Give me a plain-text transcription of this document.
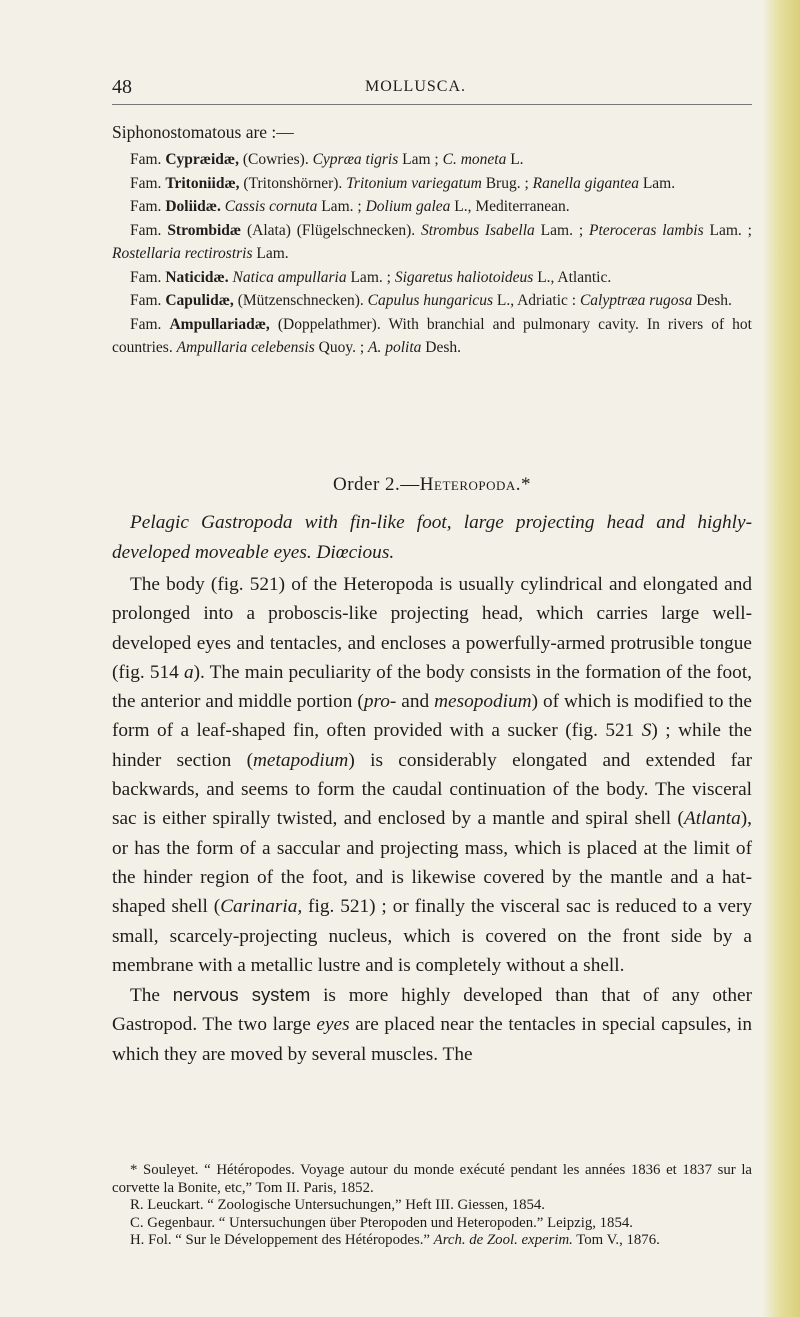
48	MOLLUSCA.
Siphonostomatous are :—

Fam. Cypræidæ, (Cowries). Cypræa tigris Lam ; C. moneta L.

Fam. Tritoniidæ, (Tritonshörner). Tritonium variegatum Brug. ; Ranella gigantea Lam.

Fam. Doliidæ. Cassis cornuta Lam. ; Dolium galea L., Mediterranean.

Fam. Strombidæ (Alata) (Flügelschnecken). Strombus Isabella Lam. ; Pteroceras lambis Lam. ; Rostellaria rectirostris Lam.

Fam. Naticidæ. Natica ampullaria Lam. ; Sigaretus haliotoideus L., Atlantic.

Fam. Capulidæ, (Mützenschnecken). Capulus hungaricus L., Adriatic : Calyptræa rugosa Desh.

Fam. Ampullariadæ, (Doppelathmer). With branchial and pulmonary cavity. In rivers of hot countries. Ampullaria celebensis Quoy. ; A. polita Desh.

Order 2.—Heteropoda.*

Pelagic Gastropoda with fin-like foot, large projecting head and highly-developed moveable eyes. Diœcious.

The body (fig. 521) of the Heteropoda is usually cylindrical and elongated and prolonged into a proboscis-like projecting head, which carries large well-developed eyes and tentacles, and encloses a powerfully-armed protrusible tongue (fig. 514 a). The main peculiarity of the body consists in the formation of the foot, the anterior and middle portion (pro- and mesopodium) of which is modified to the form of a leaf-shaped fin, often provided with a sucker (fig. 521 S) ; while the hinder section (metapodium) is considerably elongated and extended far backwards, and seems to form the caudal continuation of the body. The visceral sac is either spirally twisted, and enclosed by a mantle and spiral shell (Atlanta), or has the form of a saccular and projecting mass, which is placed at the limit of the hinder region of the foot, and is likewise covered by the mantle and a hat-shaped shell (Carinaria, fig. 521) ; or finally the visceral sac is reduced to a very small, scarcely-projecting nucleus, which is covered on the front side by a membrane with a metallic lustre and is completely without a shell.

The nervous system is more highly developed than that of any other Gastropod. The two large eyes are placed near the tentacles in special capsules, in which they are moved by several muscles. The

* Souleyet. “ Hétéropodes. Voyage autour du monde exécuté pendant les années 1836 et 1837 sur la corvette la Bonite, etc,” Tom II. Paris, 1852.

R. Leuckart. “ Zoologische Untersuchungen,” Heft III. Giessen, 1854.

C. Gegenbaur. “ Untersuchungen über Pteropoden und Heteropoden.” Leipzig, 1854.

H. Fol. “ Sur le Développement des Hétéropodes.” Arch. de Zool. experim. Tom V., 1876.
